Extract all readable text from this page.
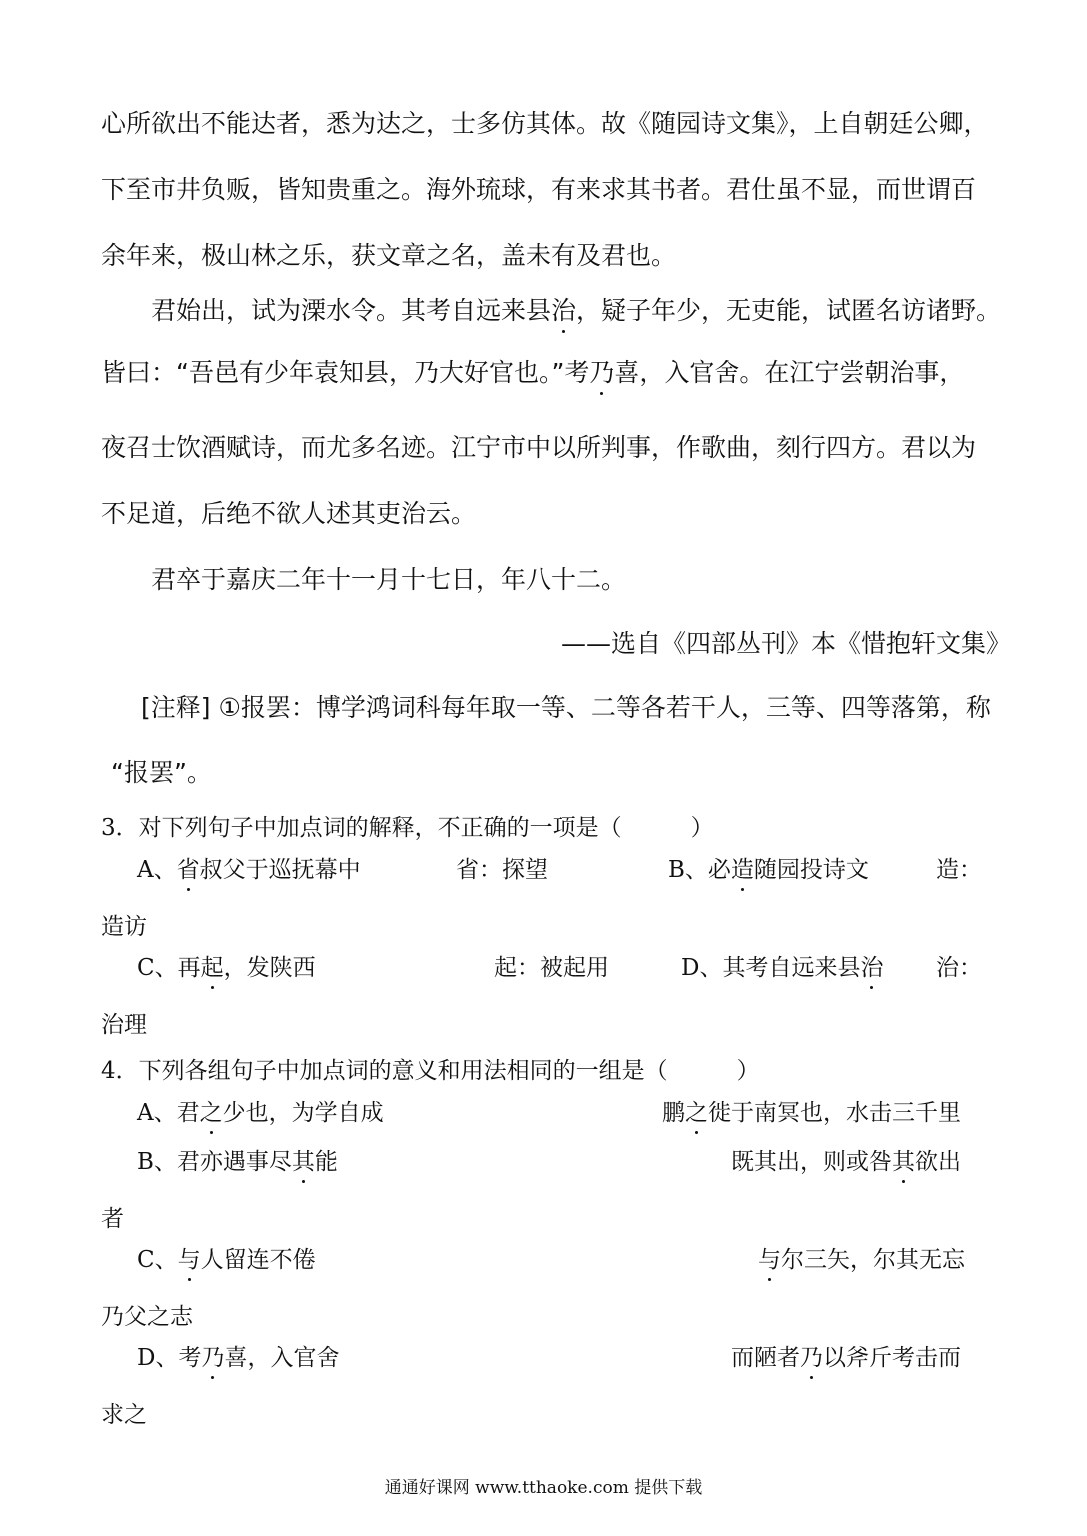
心所欲出不能达者，悉为达之，士多仿其体。故《随园诗文集》，上自朝廷公卿，
下至市井负贩，皆知贵重之。海外琉球，有来求其书者。君仕虽不显，而世谓百
余年来，极山林之乐，获文章之名，盖未有及君也。
君始出，试为溧水令。其考自远来县治，疑子年少，无吏能，试匿名访诸野。
皆曰：“吾邑有少年袁知县，乃大好官也。”考乃喜，入官舍。在江宁尝朝治事，
夜召士饮酒赋诗，而尤多名迹。江宁市中以所判事，作歌曲，刻行四方。君以为
不足道，后绝不欲人述其吏治云。
君卒于嘉庆二年十一月十七日，年八十二。
——选自《四部丛刊》本《惜抱轩文集》
[注释] ①报罢：博学鸿词科每年取一等、二等各若干人，三等、四等落第，称
“报罢”。
3．对下列句子中加点词的解释，不正确的一项是（　　　）
A、省叔父于巡抚幕中	省：探望	B、必造随园投诗文	造：
造访
C、再起，发陕西	起：被起用	D、其考自远来县治 治：
治理
4．下列各组句子中加点词的意义和用法相同的一组是（　　　）
A、君之少也，为学自成	鹏之徙于南冥也，水击三千里
B、君亦遇事尽其能	既其出，则或咎其欲出
者
C、与人留连不倦	与尔三矢，尔其无忘
乃父之志
D、考乃喜，入官舍	而陋者乃以斧斤考击而
求之
通通好课网 www.tthaoke.com 提供下载
